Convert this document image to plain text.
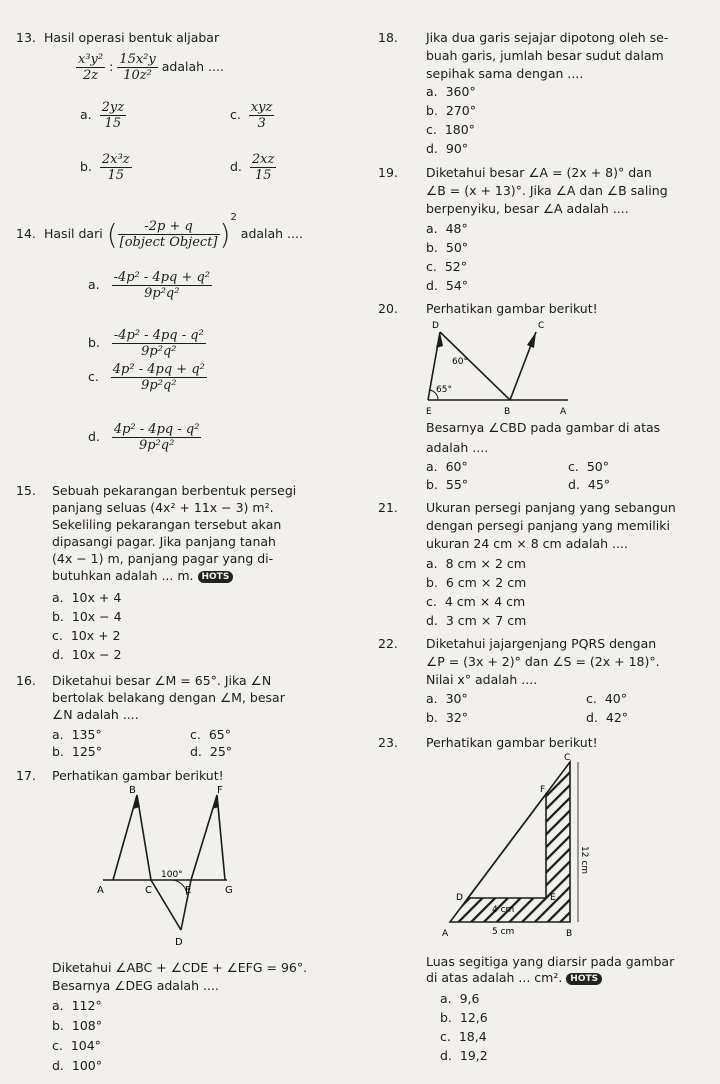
13. Hasil operasi bentuk aljabar
$\frac{\text{x³y²}}{2z}$ : $\frac{\text{15x²y}}{\text{10z²}}$ adalah ....
a. $\frac{2yz}{15}$	c. $\frac{\text{xyz}}{3}$
b. $\frac{\text{2x³z}}{15}$	d. $\frac{2xz}{15}$
14. Hasil dari ( $\frac{-2p + q}{\text{[object Object]}} )^2$ adalah ....
a. $\frac{\text{-4p² - 4pq + q²}}{\text{9p²q²}}$
b. $\frac{\text{-4p² - 4pq - q²}}{\text{9p²q²}}$
c. $\frac{\text{4p² - 4pq + q²}}{\text{9p²q²}}$
d. $\frac{\text{4p² - 4pq - q²}}{\text{9p²q²}}$
15. Sebuah pekarangan berbentuk persegi
panjang seluas (4x² + 11x − 3) m².
Sekeliling pekarangan tersebut akan
dipasangi pagar. Jika panjang tanah
(4x − 1) m, panjang pagar yang di-
butuhkan adalah ... m. HOTS
a. 10x + 4
b. 10x − 4
c. 10x + 2
d. 10x − 2
16. Diketahui besar ∠M = 65°. Jika ∠N
bertolak belakang dengan ∠M, besar
∠N adalah ....
a. 135°	c. 65°
b. 125°	d. 25°
17. Perhatikan gambar berikut!
A
B
C	E
F
G
D
100°
Diketahui ∠ABC + ∠CDE + ∠EFG = 96°.
Besarnya ∠DEG adalah ....
a. 112°
b. 108°
c. 104°
d. 100°
18. Jika dua garis sejajar dipotong oleh se-
buah garis, jumlah besar sudut dalam
sepihak sama dengan ....
a. 360°
b. 270°
c. 180°
d. 90°
19. Diketahui besar ∠A = (2x + 8)° dan
∠B = (x + 13)°. Jika ∠A dan ∠B saling
berpenyiku, besar ∠A adalah ....
a. 48°
b. 50°
c. 52°
d. 54°
20. Perhatikan gambar berikut!
D	C
E	B	A
60°
65°
Besarnya ∠CBD pada gambar di atas
adalah ....
a. 60°	c. 50°
b. 55°	d. 45°
21. Ukuran persegi panjang yang sebangun
dengan persegi panjang yang memiliki
ukuran 24 cm × 8 cm adalah ....
a. 8 cm × 2 cm
b. 6 cm × 2 cm
c. 4 cm × 4 cm
d. 3 cm × 7 cm
22. Diketahui jajargenjang PQRS dengan
∠P = (3x + 2)° dan ∠S = (2x + 18)°.
Nilai x° adalah ....
a. 30°	c. 40°
b. 32°	d. 42°
23. Perhatikan gambar berikut!
C
F
D	E
A	B
12 cm
4 cm
5 cm
Luas segitiga yang diarsir pada gambar
di atas adalah ... cm². HOTS
a. 9,6
b. 12,6
c. 18,4
d. 19,2
